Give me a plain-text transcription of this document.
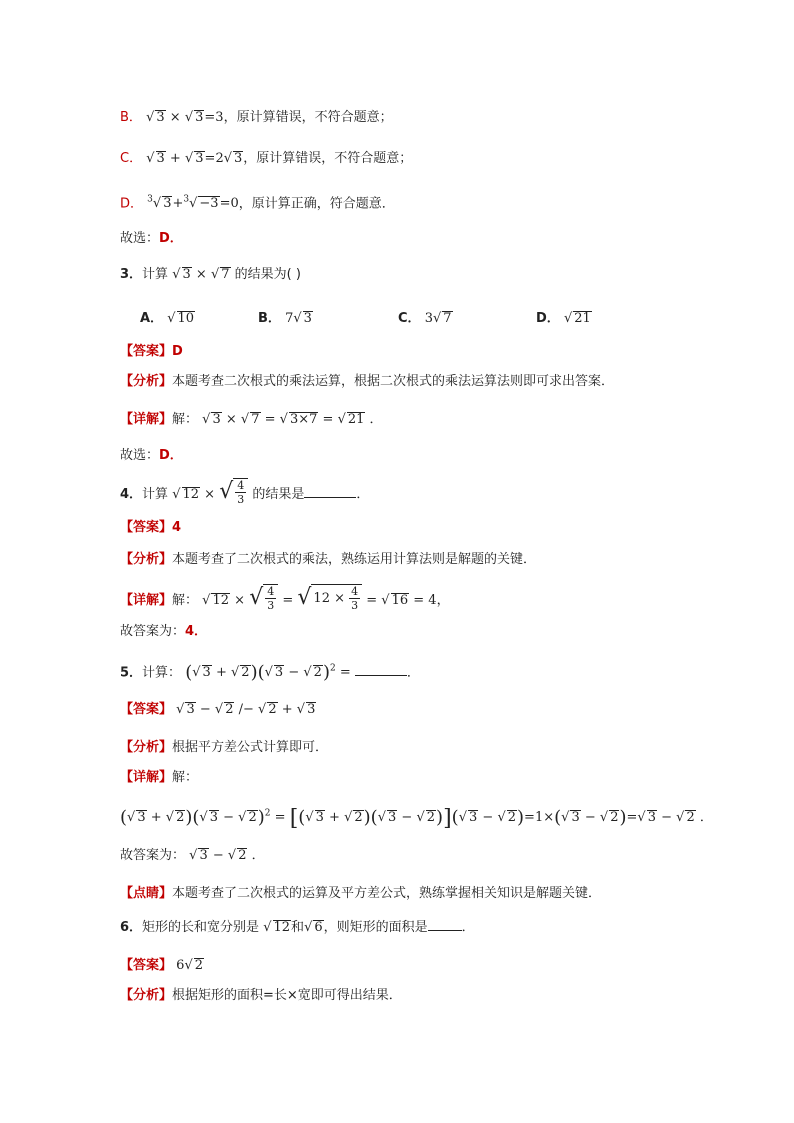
B． √ 3 × √ 3=3，原计算错误，不符合题意；
C． √ 3 + √ 3=2√ 3，原计算错误，不符合题意；
D． $^3$√ 3+$^3$√ −3=0，原计算正确，符合题意．
故选：D．
3．计算 √ 3 × √ 7 的结果为( )
A． √ 10	B． 7√ 3	C． 3√ 7	D． √ 21
【答案】D
【分析】本题考查二次根式的乘法运算，根据二次根式的乘法运算法则即可求出答案．
【详解】解： √ 3 × √ 7 = √ 3×7 = √ 21 ．
故选：D．
4．计算 √ 12 × √ $\frac{4}{3}$ 的结果是	．
【答案】4
【分析】本题考查了二次根式的乘法，熟练运用计算法则是解题的关键．
【详解】解： √ 12 × √ $\frac{4}{3}$ = √ $12 \times \frac{4}{3}$ = √ 16 = 4，
故答案为：4．
5．计算： (√ 3 + √ 2)(√ 3 − √ 2)$^2$ =	．
【答案】 √ 3 − √ 2 /− √ 2 + √ 3
【分析】根据平方差公式计算即可．
【详解】解：
(√ 3 + √ 2)(√ 3 − √ 2)$^2$ = [(√ 3 + √ 2)(√ 3 − √ 2)](√ 3 − √ 2)=1×(√ 3 − √ 2)=√ 3 − √ 2 ．
故答案为： √ 3 − √ 2 ．
【点睛】本题考查了二次根式的运算及平方差公式，熟练掌握相关知识是解题关键．
6．矩形的长和宽分别是 √ 12和√ 6，则矩形的面积是	．
【答案】 6√ 2
【分析】根据矩形的面积=长×宽即可得出结果．
